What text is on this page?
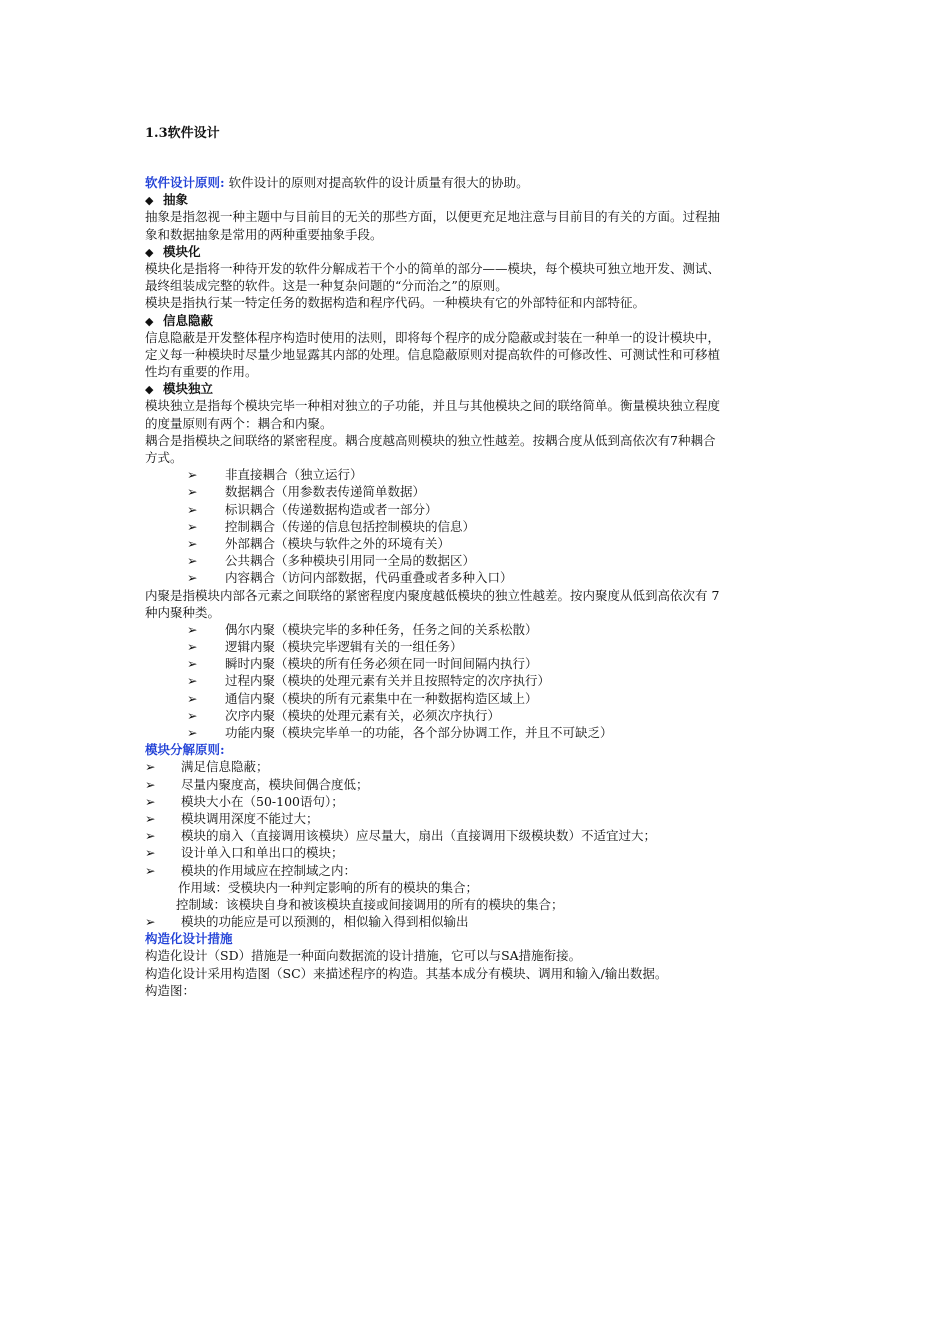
1.3软件设计
软件设计原则: 软件设计的原则对提高软件的设计质量有很大的协助。
◆ 抽象
抽象是指忽视一种主题中与目前目的无关的那些方面，以便更充足地注意与目前目的有关的方面。过程抽
象和数据抽象是常用的两种重要抽象手段。
◆ 模块化
模块化是指将一种待开发的软件分解成若干个小的简单的部分——模块，每个模块可独立地开发、测试、
最终组装成完整的软件。这是一种复杂问题的“分而治之”的原则。
模块是指执行某一特定任务的数据构造和程序代码。一种模块有它的外部特征和内部特征。
◆ 信息隐蔽
信息隐蔽是开发整体程序构造时使用的法则，即将每个程序的成分隐蔽或封装在一种单一的设计模块中，
定义每一种模块时尽量少地显露其内部的处理。信息隐蔽原则对提高软件的可修改性、可测试性和可移植
性均有重要的作用。
◆ 模块独立
模块独立是指每个模块完毕一种相对独立的子功能，并且与其他模块之间的联络简单。衡量模块独立程度
的度量原则有两个：耦合和内聚。
耦合是指模块之间联络的紧密程度。耦合度越高则模块的独立性越差。按耦合度从低到高依次有7种耦合
方式。
➢ 非直接耦合（独立运行）
➢ 数据耦合（用参数表传递简单数据）
➢ 标识耦合（传递数据构造或者一部分）
➢ 控制耦合（传递的信息包括控制模块的信息）
➢ 外部耦合（模块与软件之外的环境有关）
➢ 公共耦合（多种模块引用同一全局的数据区）
➢ 内容耦合（访问内部数据，代码重叠或者多种入口）
内聚是指模块内部各元素之间联络的紧密程度内聚度越低模块的独立性越差。按内聚度从低到高依次有 7
种内聚种类。
➢ 偶尔内聚（模块完毕的多种任务，任务之间的关系松散）
➢ 逻辑内聚（模块完毕逻辑有关的一组任务）
➢ 瞬时内聚（模块的所有任务必须在同一时间间隔内执行）
➢ 过程内聚（模块的处理元素有关并且按照特定的次序执行）
➢ 通信内聚（模块的所有元素集中在一种数据构造区域上）
➢ 次序内聚（模块的处理元素有关，必须次序执行）
➢ 功能内聚（模块完毕单一的功能，各个部分协调工作，并且不可缺乏）
模块分解原则:
➢ 满足信息隐蔽；
➢ 尽量内聚度高，模块间偶合度低；
➢ 模块大小在（50-100语句）；
➢ 模块调用深度不能过大；
➢ 模块的扇入（直接调用该模块）应尽量大，扇出（直接调用下级模块数）不适宜过大；
➢ 设计单入口和单出口的模块；
➢ 模块的作用域应在控制域之内：
作用域：受模块内一种判定影响的所有的模块的集合；
控制域：该模块自身和被该模块直接或间接调用的所有的模块的集合；
➢ 模块的功能应是可以预测的，相似输入得到相似输出
构造化设计措施
构造化设计（SD）措施是一种面向数据流的设计措施，它可以与SA措施衔接。
构造化设计采用构造图（SC）来描述程序的构造。其基本成分有模块、调用和输入/输出数据。
构造图：
